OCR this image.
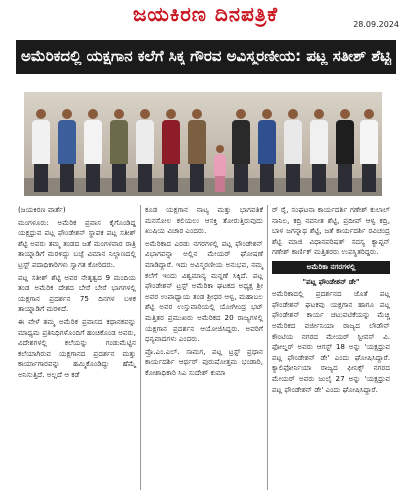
ಜಯಕಿರಣ ದಿನಪತ್ರಿಕೆ	28.09.2024
ಅಮೆರಿಕದಲ್ಲಿ ಯಕ್ಷಗಾನ ಕಲೆಗೆ ಸಿಕ್ಕ ಗೌರವ ಅವಿಸ್ಮರಣೀಯ: ಪಟ್ಲ ಸತೀಶ್ ಶೆಟ್ಟಿ

(ಜಯಕಿರಣ ವಾರ್ತೆ)

ಮಂಗಳೂರು: ಅಮೆರಿಕ ಪ್ರವಾಸ ಕೈಗೊಂಡಿದ್ದ ಯಕ್ಷಧ್ರುವ ಪಟ್ಲ ಫೌಂಡೇಶನ್ ಸ್ಥಾಪಕ ಪಟ್ಲ ಸತೀಶ್ ಶೆಟ್ಟಿ ಅವರು ತಮ್ಮ ತಂಡದ ಜತೆ ಮಂಗಳವಾರ ರಾತ್ರಿ ತಾಯ್ನಾಡಿಗೆ ಮರಳಿದ್ದು ಬಜ್ಪೆ ವಿಮಾನ ನಿಲ್ದಾಣದಲ್ಲಿ ಟ್ರಸ್ಟ್ ಪದಾಧಿಕಾರಿಗಳು ಸ್ವಾಗತ ಕೋರಿದರು.

ಪಟ್ಲ ಸತೀಶ್ ಶೆಟ್ಟಿ ಅವರ ನೇತೃತ್ವದ 9 ಮಂದಿಯ ತಂಡ ಅಮೆರಿಕ ದೇಶದ ಬೇರೆ ಬೇರೆ ಭಾಗಗಳಲ್ಲಿ ಯಕ್ಷಗಾನ ಪ್ರದರ್ಶನ 75 ದಿನಗಳ ಬಳಿಕ ತಾಯ್ನಾಡಿಗೆ ಮರಳಿದೆ.

ಈ ವೇಳೆ ತಮ್ಮ ಅಮೆರಿಕ ಪ್ರವಾಸದ ಕಥಾನಕವನ್ನು ಮಾಧ್ಯಮ ಪ್ರತಿನಿಧಿಗಳೊಂದಿಗೆ ಹಂಚಿಕೊಂಡ ಅವರು, ವಿದೇಶಗಳಲ್ಲಿ ಕಲೆಯನ್ನು ಗಂಡುಮೆಟ್ಟಿನ ಕಲೆಯಾಗಿರುವ ಯಕ್ಷಗಾನದ ಪ್ರದರ್ಶನ ಮತ್ತು ಕಾರ್ಯಾಗಾರವನ್ನು ಹಮ್ಮಿಕೊಂಡಿದ್ದು ಹೆಮ್ಮೆ ಅನಿಸುತ್ತಿದೆ. ಅಲ್ಲದೆ ಆ ಕಡೆ

ಕೂಡ ಯಕ್ಷಗಾನ ನಾಟ್ಯ ಮತ್ತು ಭಾಗವತಿಕೆ ಮನಸೋಲ ಕಲಿಯಲು ಆಸಕ್ತಿ ತೋರುತ್ತಿರುವುದು ಖುಷಿಯ ವಿಚಾರ ಎಂದರು.

ಅಮೆರಿಕಾದ ಎರಡು ನಗರಗಳಲ್ಲಿ ಪಟ್ಲ ಫೌಂಡೇಶನ್ ವಿಭಾಗವನ್ನಾ ಅಲ್ಲಿನ ಮೇಯರ್ ಘೋಷಣೆ ಮಾಡಿದ್ದಾರೆ. ಇದು ಅವಿಸ್ಮರಣೀಯ ಅನುಭವ, ನಮ್ಮ ಕಲೆಗೆ ಇಂದು ವಿಶ್ವಮಾನ್ಯ ಮನ್ನಣೆ ಸಿಕ್ಕಿದೆ. ಪಟ್ಲ ಫೌಂಡೇಶನ್ ಟ್ರಸ್ಟ್ ಅಮೆರಿಕಾ ಘಟಕದ ಅಧ್ಯಕ್ಷ ಶ್ರೀ ಅವರ ಉಪಾಧ್ಯಾಯ ತಂಡ ಶ್ರೀಧರ ಆಳ್ವ, ಮಹಾಬಲ ಶೆಟ್ಟಿ ಅವರ ಉಸ್ತುವಾರಿಯಲ್ಲಿ ಯೋಗೀಂದ್ರ ಭಟ್ ಮತ್ತಿತರ ಪ್ರಮುಖರು ಅಮೆರಿಕದ 20 ರಾಜ್ಯಗಳಲ್ಲಿ ಯಕ್ಷಗಾನ ಪ್ರದರ್ಶನ ಆಯೋಜಿಸಿದ್ದರು. ಅವರಿಗೆ ಧನ್ಯವಾದಗಳು ಎಂದರು.

ಪ್ರೊ.ಎಂ.ಎಲ್. ಸಾಮಗ, ಪಟ್ಲ ಟ್ರಸ್ಟ್ ಪ್ರಧಾನ ಕಾರ್ಯದರ್ಶಿ ಆರ್ಥರ್ ಪುರುಷೋತ್ತಮ ಭಂಡಾರಿ, ಕೋಶಾಧಿಕಾರಿ ಸಿಎ ಸುದೇಶ್ ಕುಮಾ

ರ್ ರೈ, ಸಂಘಟನಾ ಕಾರ್ಯದರ್ಶಿ ಗಣೇಶ್ ಕುಲಾಲ್ ನಾನಿಲ, ಕದ್ರಿ ನವನೀತ ಶೆಟ್ಟಿ, ಪ್ರದೀಪ್ ಆಳ್ವ ಕದ್ರಿ, ಬಾಳ ಜಗನ್ನಾಥ ಶೆಟ್ಟಿ, ಜತೆ ಕಾರ್ಯದರ್ಶಿ ರವಿಚಂದ್ರ ಶೆಟ್ಟಿ ಮಾಜಿ ವಿಧಾನಪರಿಷತ್ ಸದಸ್ಯ ಕ್ಯಾಪ್ಟನ್ ಗಣೇಶ್ ಕಾರ್ಣಿಕ್ ಮತ್ತಿತರರು ಉಪಸ್ಥಿತರಿದ್ದರು.

ಅಮೆರಿಕಾ ನಗರಗಳಲ್ಲಿ
"ಪಟ್ಲ ಫೌಂಡೇಶನ್ ಡೇ"

ಅಮೆರಿಕಾದಲ್ಲಿ ಪ್ರದರ್ಶನದ ಜೊತೆ ಪಟ್ಲ ಫೌಂಡೇಶನ್ ಘಟಕವು ಯಕ್ಷಗಾನ ಹಾಗೂ ಪಟ್ಲ ಫೌಂಡೇಶನ್ ಕಾರ್ಯ ಚಟುವಟಿಕೆಯನ್ನು ಮೆಚ್ಚಿ ಅಮೆರಿಕದ ವರ್ಜೀನಿಯಾ ರಾಜ್ಯದ ಲೌಡೌನ್ ಕೌಂಟಿಯ ನಗರದ ಮೇಯರ್ ಸ್ಟೀವನ್ ವಿ. ಫೋಲ್ಡರ್ ಅವರು ಆಗಸ್ಟ್ 18 ಅನ್ನು 'ಯಕ್ಷಧ್ರುವ ಪಟ್ಲ ಫೌಂಡೇಶನ್ ಡೇ' ಎಂದು ಘೋಷಿಸಿದ್ದಾರೆ. ಕ್ಯಾಲಿಫೋರ್ನಿಯಾ ರಾಜ್ಯದ ಫೀನಿಕ್ಸ್ ನಗರದ ಮೇಯರ್ ಅವರು ಜುಲೈ 27 ಅನ್ನು 'ಯಕ್ಷಧ್ರುವ ಪಟ್ಲ ಫೌಂಡೇಶನ್ ಡೇ' ಎಂದು ಘೋಷಿಸಿದ್ದಾರೆ.
